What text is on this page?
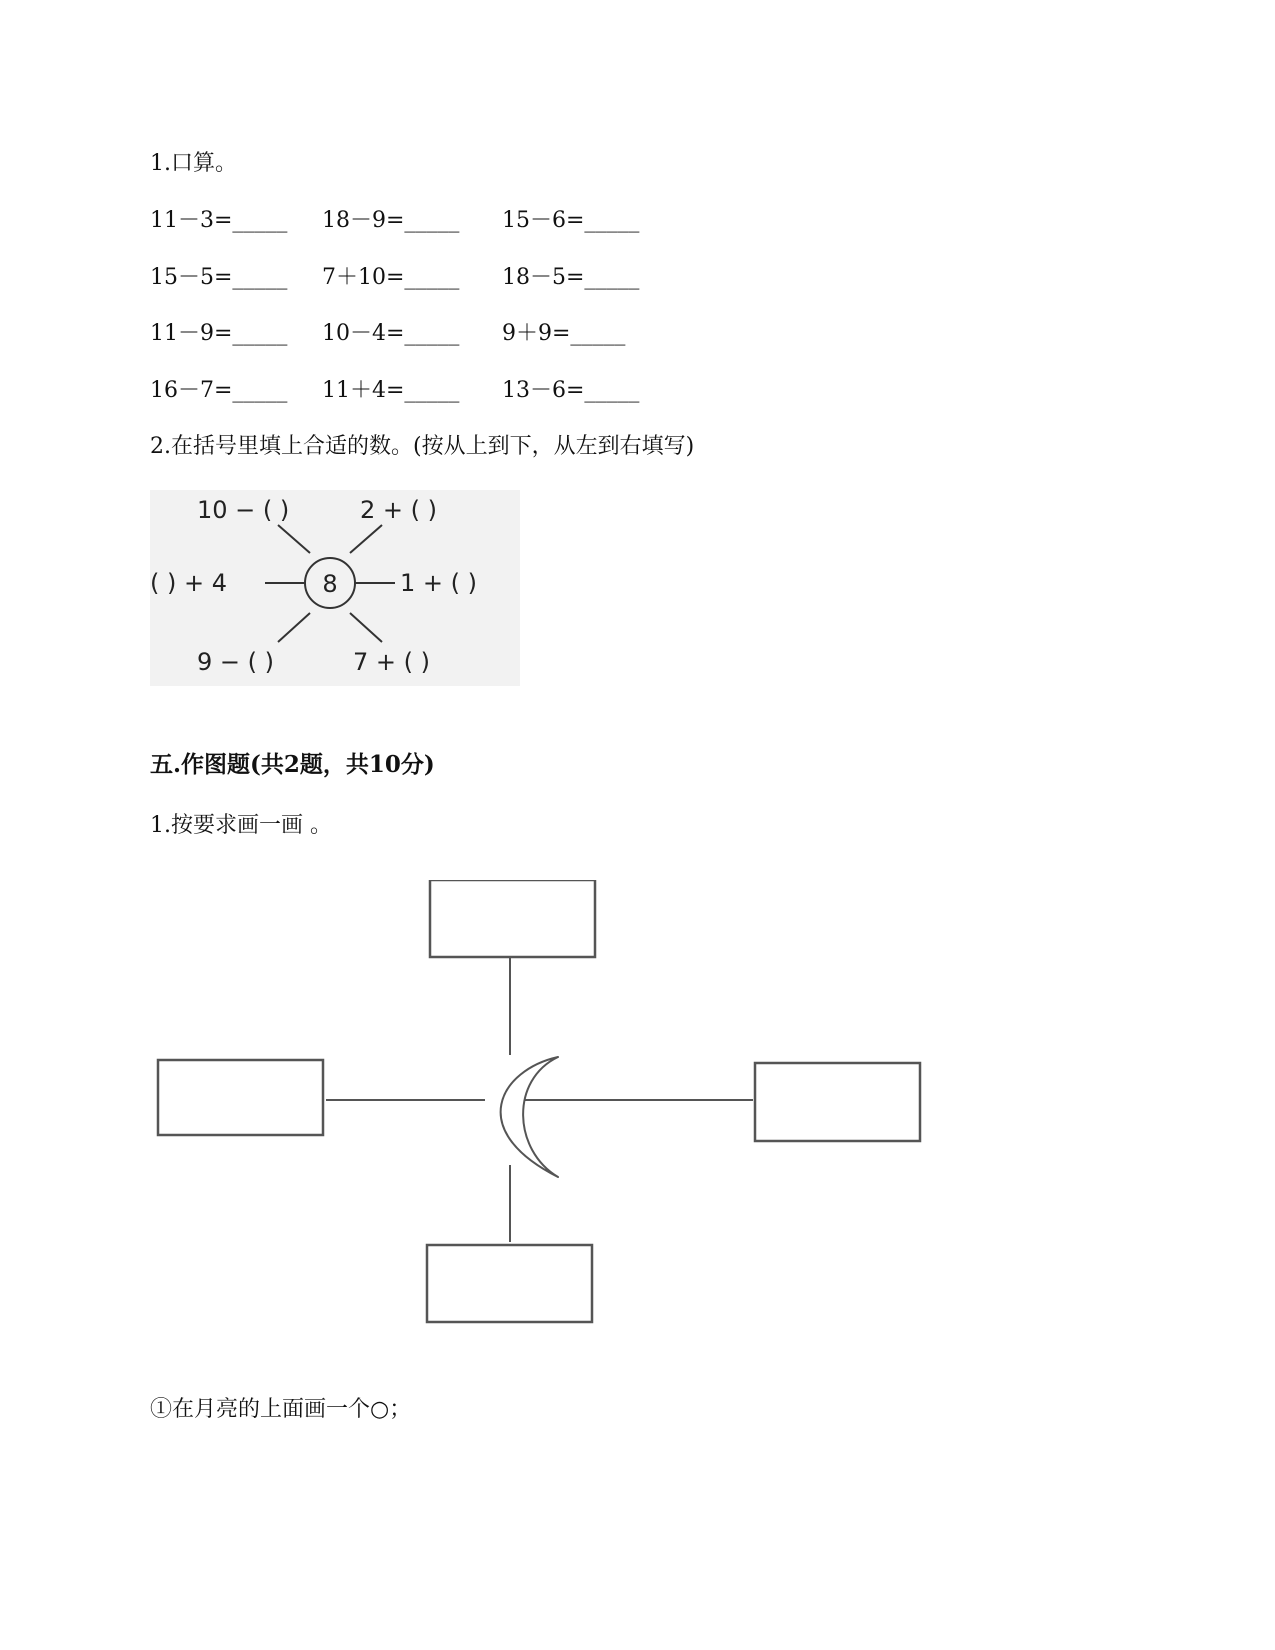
1.口算。
11－3=_____ 18－9=_____ 15－6=_____
15－5=_____ 7＋10=_____ 18－5=_____
11－9=_____ 10－4=_____ 9＋9=_____
16－7=_____ 11＋4=_____ 13－6=_____
2.在括号里填上合适的数。(按从上到下，从左到右填写)
8
10 − ( )	2 + ( )
( ) + 4	1 + ( )
9 − ( )	7 + ( )
五.作图题(共2题，共10分)
1.按要求画一画 。
①在月亮的上面画一个○；
